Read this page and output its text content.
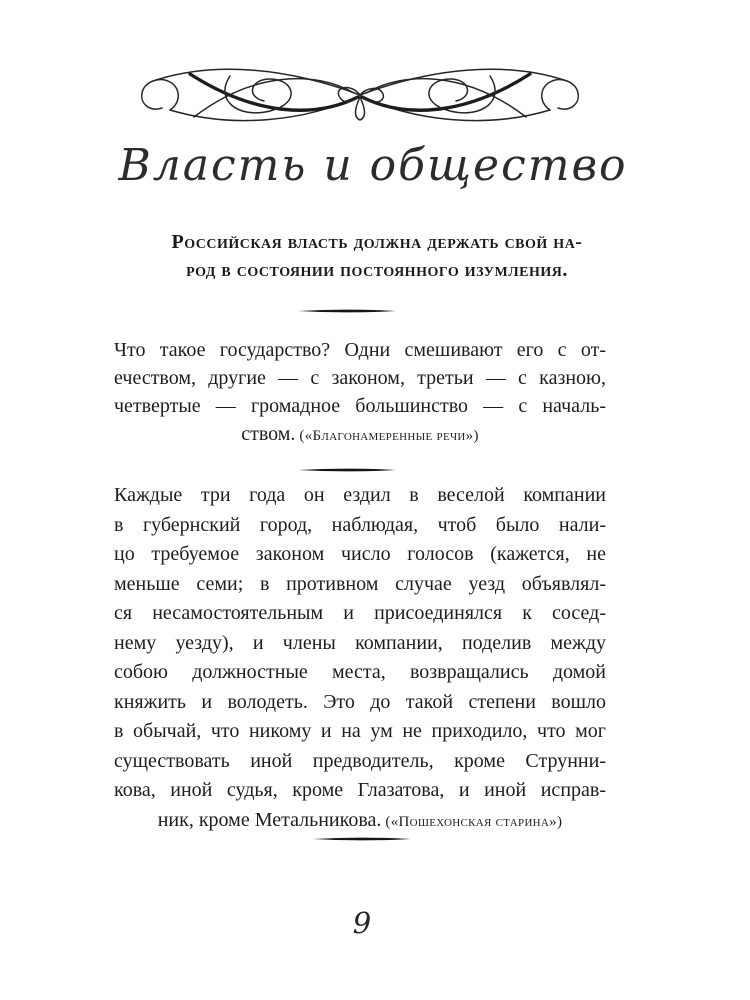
Власть и общество
Российская власть должна держать свой на-
род в состоянии постоянного изумления.
Что такое государство? Одни смешивают его с от-
ечеством, другие — с законом, третьи — с казною,
четвертые — громадное большинство — с началь-
ством. («Благонамеренные речи»)
Каждые три года он ездил в веселой компании
в губернский город, наблюдая, чтоб было нали-
цо требуемое законом число голосов (кажется, не
меньше семи; в противном случае уезд объявлял-
ся несамостоятельным и присоединялся к сосед-
нему уезду), и члены компании, поделив между
собою должностные места, возвращались домой
княжить и володеть. Это до такой степени вошло
в обычай, что никому и на ум не приходило, что мог
существовать иной предводитель, кроме Струнни-
кова, иной судья, кроме Глазатова, и иной исправ-
ник, кроме Метальникова. («Пошехонская старина»)
9
